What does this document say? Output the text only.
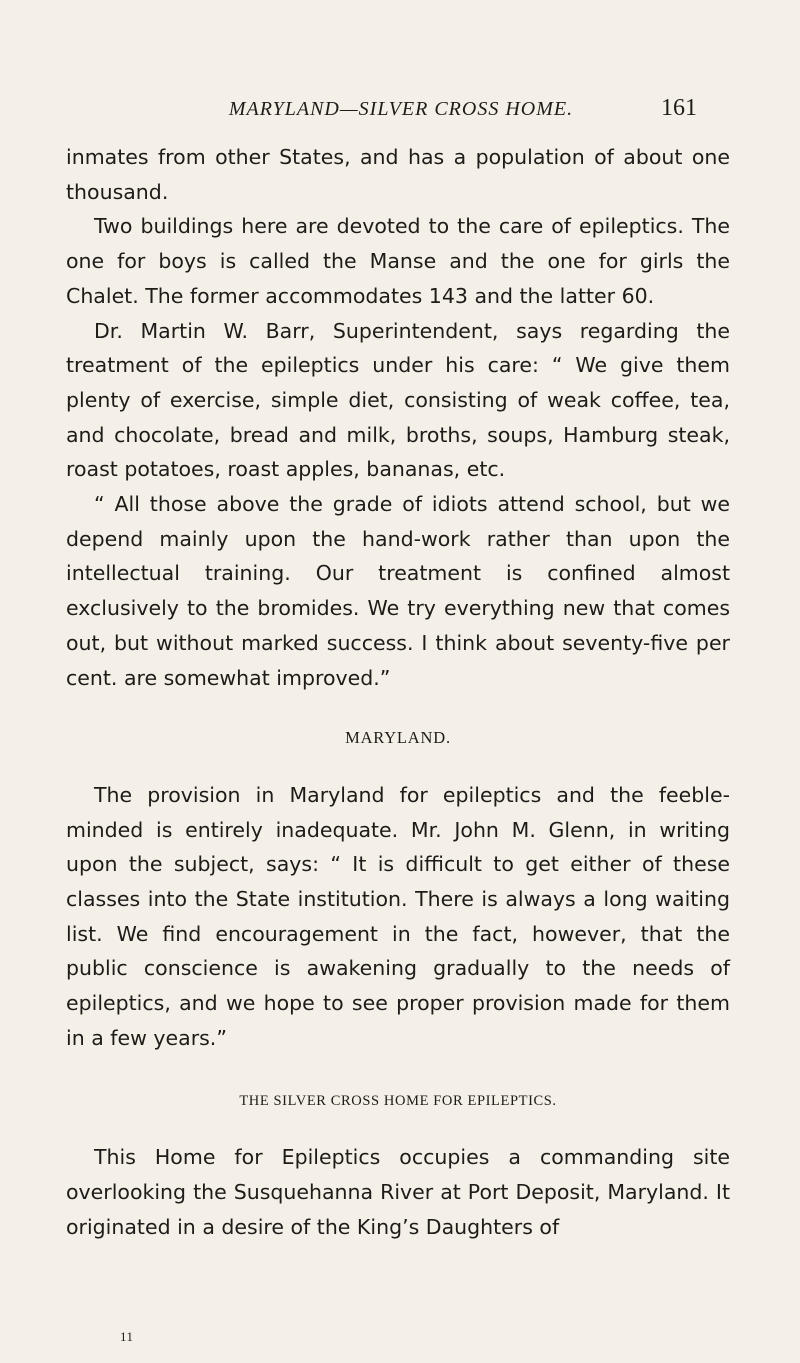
MARYLAND—SILVER CROSS HOME.	161

inmates from other States, and has a population of about one thousand.

Two buildings here are devoted to the care of epileptics. The one for boys is called the Manse and the one for girls the Chalet. The former accommodates 143 and the latter 60.

Dr. Martin W. Barr, Superintendent, says regarding the treatment of the epileptics under his care: “ We give them plenty of exercise, simple diet, consisting of weak coffee, tea, and chocolate, bread and milk, broths, soups, Hamburg steak, roast potatoes, roast apples, bananas, etc.

“ All those above the grade of idiots attend school, but we depend mainly upon the hand-work rather than upon the intellectual training. Our treatment is confined almost exclusively to the bromides. We try everything new that comes out, but without marked success. I think about seventy-five per cent. are somewhat improved.”

MARYLAND.

The provision in Maryland for epileptics and the feeble-minded is entirely inadequate. Mr. John M. Glenn, in writing upon the subject, says: “ It is difficult to get either of these classes into the State institution. There is always a long waiting list. We find encouragement in the fact, however, that the public conscience is awakening gradually to the needs of epileptics, and we hope to see proper provision made for them in a few years.”

THE SILVER CROSS HOME FOR EPILEPTICS.

This Home for Epileptics occupies a commanding site overlooking the Susquehanna River at Port Deposit, Maryland. It originated in a desire of the King’s Daughters of

11
